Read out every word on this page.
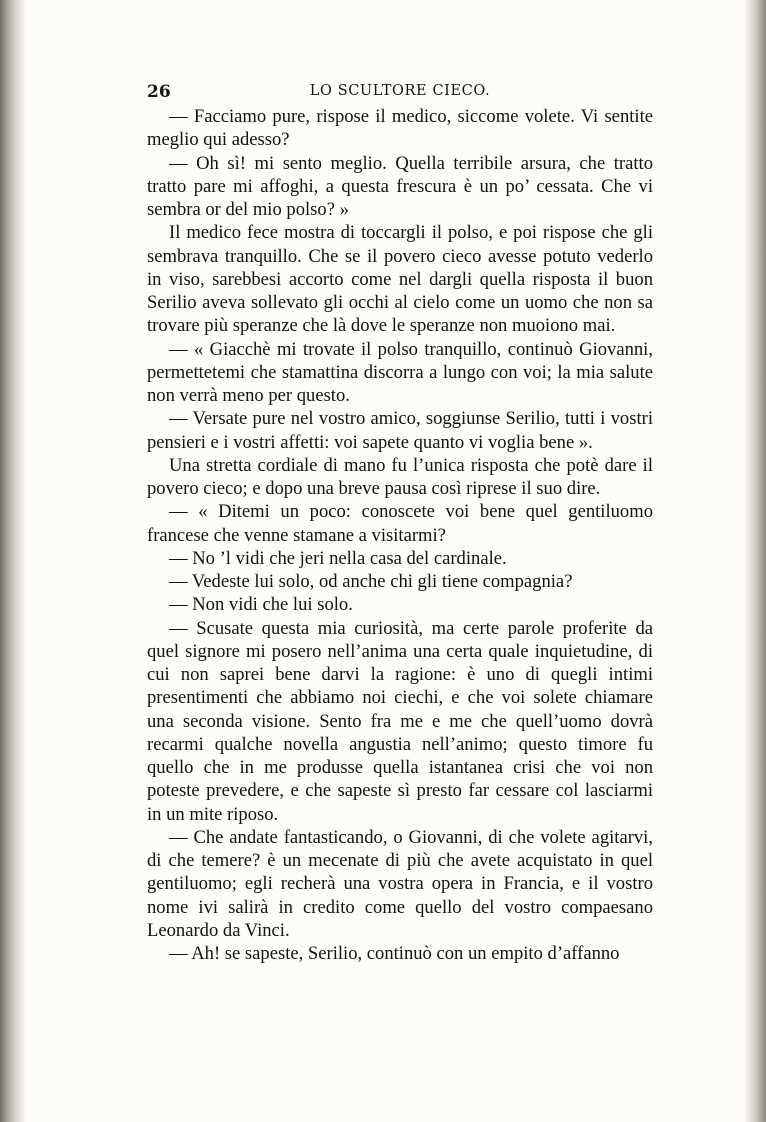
26	LO SCULTORE CIECO.

— Facciamo pure, rispose il medico, siccome volete. Vi sentite meglio qui adesso?

— Oh sì! mi sento meglio. Quella terribile arsura, che tratto tratto pare mi affoghi, a questa frescura è un po’ cessata. Che vi sembra or del mio polso? »

Il medico fece mostra di toccargli il polso, e poi rispose che gli sembrava tranquillo. Che se il povero cieco avesse potuto vederlo in viso, sarebbesi accorto come nel dargli quella risposta il buon Serilio aveva sollevato gli occhi al cielo come un uomo che non sa trovare più speranze che là dove le speranze non muoiono mai.

— « Giacchè mi trovate il polso tranquillo, continuò Giovanni, permettetemi che stamattina discorra a lungo con voi; la mia salute non verrà meno per questo.

— Versate pure nel vostro amico, soggiunse Serilio, tutti i vostri pensieri e i vostri affetti: voi sapete quanto vi voglia bene ».

Una stretta cordiale di mano fu l’unica risposta che potè dare il povero cieco; e dopo una breve pausa così riprese il suo dire.

— « Ditemi un poco: conoscete voi bene quel gentiluomo francese che venne stamane a visitarmi?

— No ’l vidi che jeri nella casa del cardinale.

— Vedeste lui solo, od anche chi gli tiene compagnia?

— Non vidi che lui solo.

— Scusate questa mia curiosità, ma certe parole proferite da quel signore mi posero nell’anima una certa quale inquietudine, di cui non saprei bene darvi la ragione: è uno di quegli intimi presentimenti che abbiamo noi ciechi, e che voi solete chiamare una seconda visione. Sento fra me e me che quell’uomo dovrà recarmi qualche novella angustia nell’animo; questo timore fu quello che in me produsse quella istantanea crisi che voi non poteste prevedere, e che sapeste sì presto far cessare col lasciarmi in un mite riposo.

— Che andate fantasticando, o Giovanni, di che volete agitarvi, di che temere? è un mecenate di più che avete acquistato in quel gentiluomo; egli recherà una vostra opera in Francia, e il vostro nome ivi salirà in credito come quello del vostro compaesano Leonardo da Vinci.

— Ah! se sapeste, Serilio, continuò con un empito d’affanno
